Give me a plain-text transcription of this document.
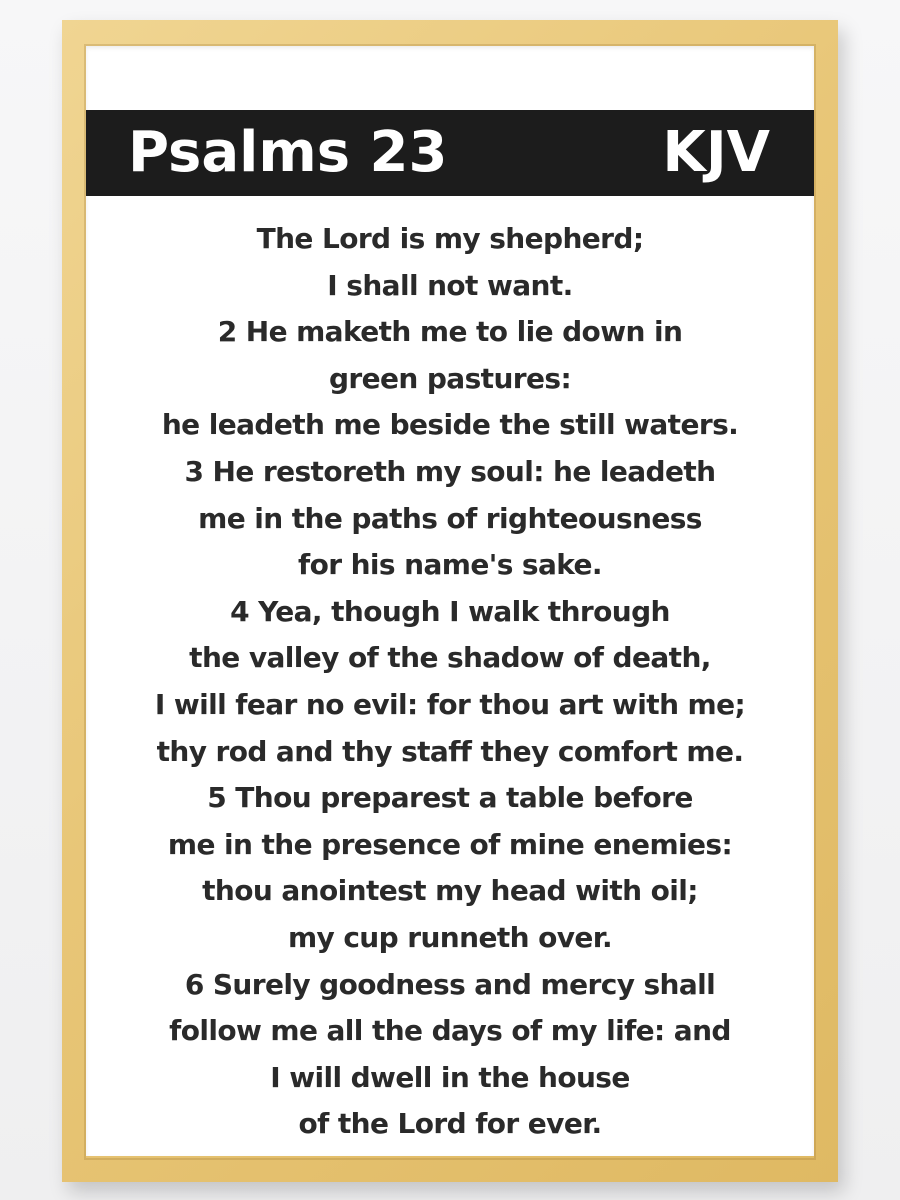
Psalms 23	KJV
The Lord is my shepherd;
I shall not want.
2 He maketh me to lie down in
green pastures:
he leadeth me beside the still waters.
3 He restoreth my soul: he leadeth
me in the paths of righteousness
for his name's sake.
4 Yea, though I walk through
the valley of the shadow of death,
I will fear no evil: for thou art with me;
thy rod and thy staff they comfort me.
5 Thou preparest a table before
me in the presence of mine enemies:
thou anointest my head with oil;
my cup runneth over.
6 Surely goodness and mercy shall
follow me all the days of my life: and
I will dwell in the house
of the Lord for ever.
